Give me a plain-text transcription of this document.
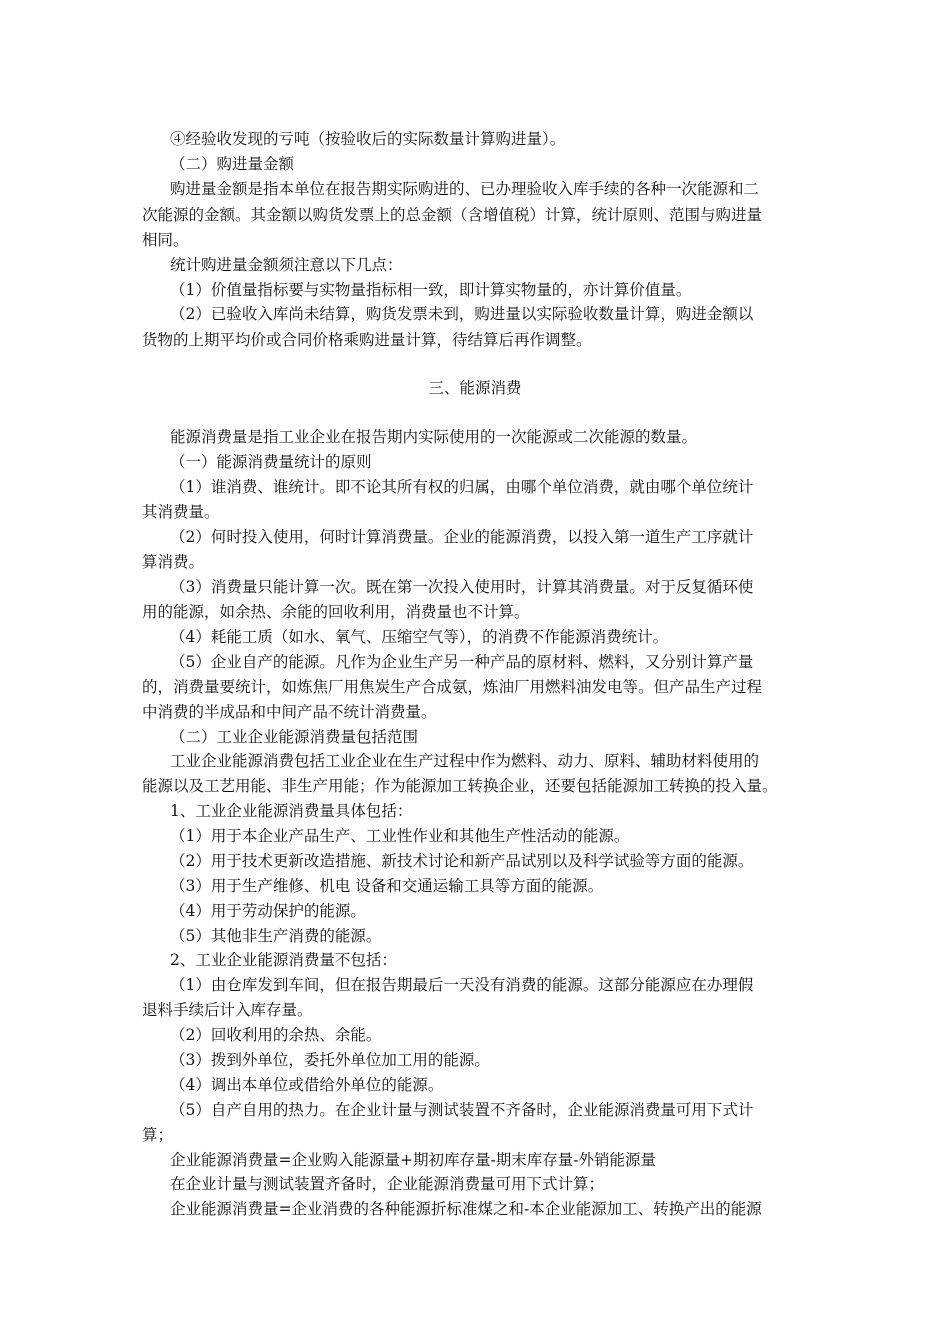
④经验收发现的亏吨（按验收后的实际数量计算购进量）。
（二）购进量金额
购进量金额是指本单位在报告期实际购进的、已办理验收入库手续的各种一次能源和二
次能源的金额。其金额以购货发票上的总金额（含增值税）计算，统计原则、范围与购进量
相同。
统计购进量金额须注意以下几点：
（1）价值量指标要与实物量指标相一致，即计算实物量的，亦计算价值量。
（2）已验收入库尚未结算，购货发票未到，购进量以实际验收数量计算，购进金额以
货物的上期平均价或合同价格乘购进量计算，待结算后再作调整。
三、能源消费
能源消费量是指工业企业在报告期内实际使用的一次能源或二次能源的数量。
（一）能源消费量统计的原则
（1）谁消费、谁统计。即不论其所有权的归属，由哪个单位消费，就由哪个单位统计
其消费量。
（2）何时投入使用，何时计算消费量。企业的能源消费，以投入第一道生产工序就计
算消费。
（3）消费量只能计算一次。既在第一次投入使用时，计算其消费量。对于反复循环使
用的能源，如余热、余能的回收利用，消费量也不计算。
（4）耗能工质（如水、氧气、压缩空气等），的消费不作能源消费统计。
（5）企业自产的能源。凡作为企业生产另一种产品的原材料、燃料，又分别计算产量
的，消费量要统计，如炼焦厂用焦炭生产合成氨，炼油厂用燃料油发电等。但产品生产过程
中消费的半成品和中间产品不统计消费量。
（二）工业企业能源消费量包括范围
工业企业能源消费包括工业企业在生产过程中作为燃料、动力、原料、辅助材料使用的
能源以及工艺用能、非生产用能；作为能源加工转换企业，还要包括能源加工转换的投入量。
1、工业企业能源消费量具体包括：
（1）用于本企业产品生产、工业性作业和其他生产性活动的能源。
（2）用于技术更新改造措施、新技术讨论和新产品试别以及科学试验等方面的能源。
（3）用于生产维修、机电 设备和交通运输工具等方面的能源。
（4）用于劳动保护的能源。
（5）其他非生产消费的能源。
2、工业企业能源消费量不包括：
（1）由仓库发到车间，但在报告期最后一天没有消费的能源。这部分能源应在办理假
退料手续后计入库存量。
（2）回收利用的余热、余能。
（3）拨到外单位，委托外单位加工用的能源。
（4）调出本单位或借给外单位的能源。
（5）自产自用的热力。在企业计量与测试装置不齐备时，企业能源消费量可用下式计
算；
企业能源消费量=企业购入能源量+期初库存量-期末库存量-外销能源量
在企业计量与测试装置齐备时，企业能源消费量可用下式计算；
企业能源消费量=企业消费的各种能源折标准煤之和-本企业能源加工、转换产出的能源
